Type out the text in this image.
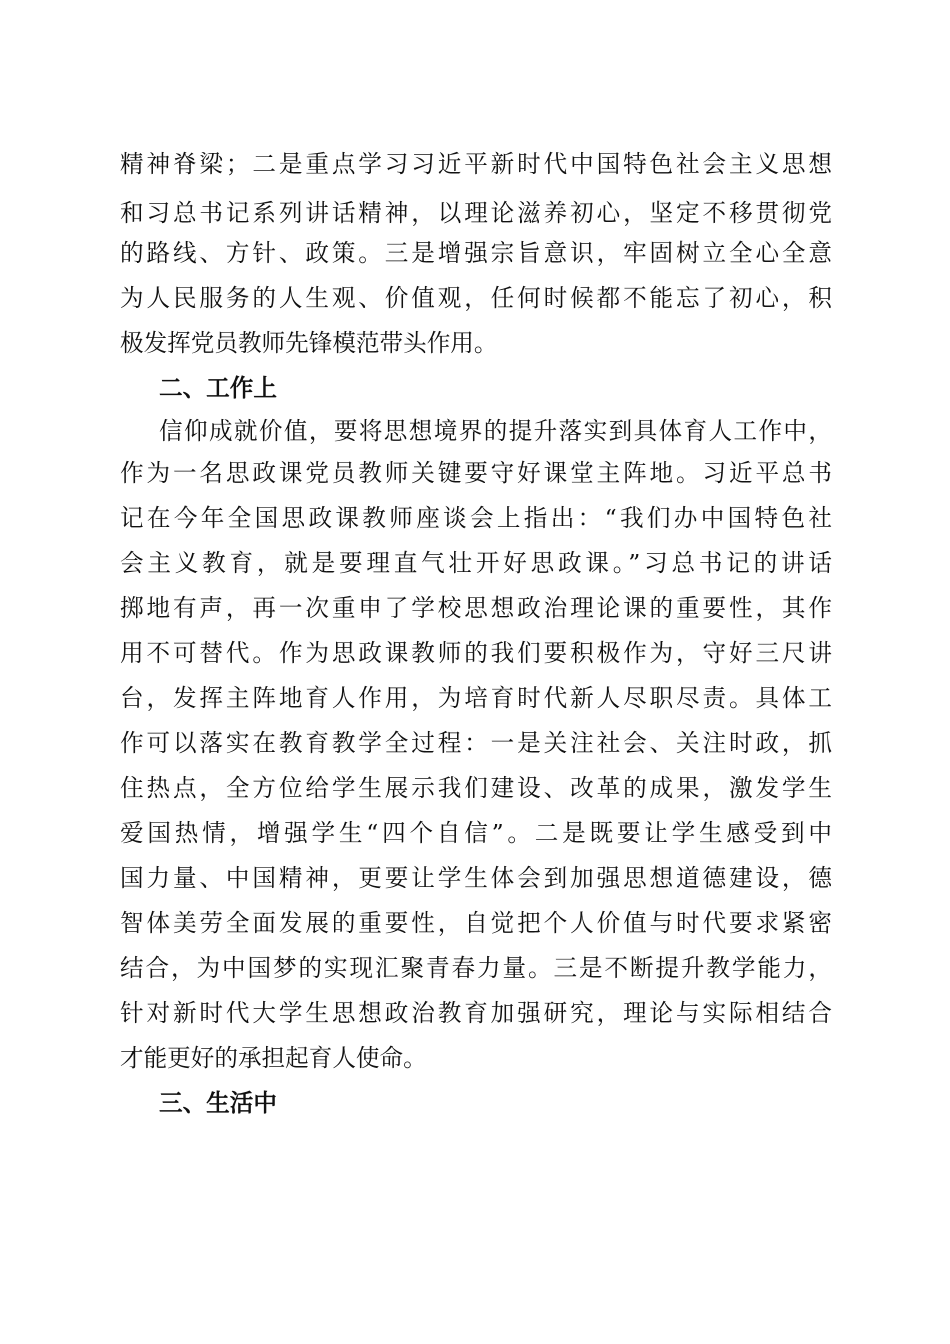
精神脊梁；二是重点学习习近平新时代中国特色社会主义思想
和习总书记系列讲话精神，以理论滋养初心，坚定不移贯彻党
的路线、方针、政策。三是增强宗旨意识，牢固树立全心全意
为人民服务的人生观、价值观，任何时候都不能忘了初心，积
极发挥党员教师先锋模范带头作用。
二、工作上
信仰成就价值，要将思想境界的提升落实到具体育人工作中，
作为一名思政课党员教师关键要守好课堂主阵地。习近平总书
记在今年全国思政课教师座谈会上指出：“我们办中国特色社
会主义教育，就是要理直气壮开好思政课。”习总书记的讲话
掷地有声，再一次重申了学校思想政治理论课的重要性，其作
用不可替代。作为思政课教师的我们要积极作为，守好三尺讲
台，发挥主阵地育人作用，为培育时代新人尽职尽责。具体工
作可以落实在教育教学全过程：一是关注社会、关注时政，抓
住热点，全方位给学生展示我们建设、改革的成果，激发学生
爱国热情，增强学生“四个自信”。二是既要让学生感受到中
国力量、中国精神，更要让学生体会到加强思想道德建设，德
智体美劳全面发展的重要性，自觉把个人价值与时代要求紧密
结合，为中国梦的实现汇聚青春力量。三是不断提升教学能力，
针对新时代大学生思想政治教育加强研究，理论与实际相结合
才能更好的承担起育人使命。
三、生活中
